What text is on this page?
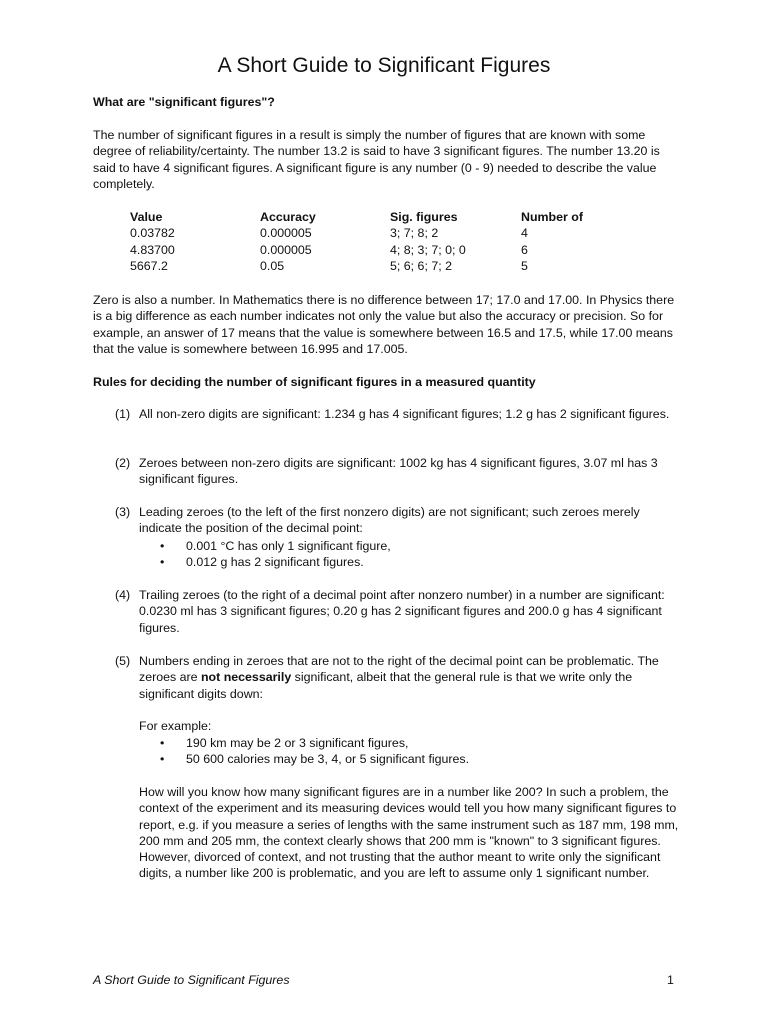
A Short Guide to Significant Figures
What are "significant figures"?
The number of significant figures in a result is simply the number of figures that are known with some degree of reliability/certainty. The number 13.2 is said to have 3 significant figures. The number 13.20 is said to have 4 significant figures. A significant figure is any number (0 - 9) needed to describe the value completely.
Value	Accuracy	Sig. figures	Number of
0.03782	0.000005	3; 7; 8; 2	4
4.83700	0.000005	4; 8; 3; 7; 0; 0	6
5667.2	0.05	5; 6; 6; 7; 2	5
Zero is also a number. In Mathematics there is no difference between 17; 17.0 and 17.00. In Physics there is a big difference as each number indicates not only the value but also the accuracy or precision. So for example, an answer of 17 means that the value is somewhere between 16.5 and 17.5, while 17.00 means that the value is somewhere between 16.995 and 17.005.
Rules for deciding the number of significant figures in a measured quantity
(1) All non-zero digits are significant: 1.234 g has 4 significant figures; 1.2 g has 2 significant figures.
(2) Zeroes between non-zero digits are significant: 1002 kg has 4 significant figures, 3.07 ml has 3 significant figures.
(3) Leading zeroes (to the left of the first nonzero digits) are not significant; such zeroes merely indicate the position of the decimal point:
• 0.001 °C has only 1 significant figure,
• 0.012 g has 2 significant figures.
(4) Trailing zeroes (to the right of a decimal point after nonzero number) in a number are significant: 0.0230 ml has 3 significant figures; 0.20 g has 2 significant figures and 200.0 g has 4 significant figures.
(5) Numbers ending in zeroes that are not to the right of the decimal point can be problematic. The zeroes are not necessarily significant, albeit that the general rule is that we write only the significant digits down:
For example:
• 190 km may be 2 or 3 significant figures,
• 50 600 calories may be 3, 4, or 5 significant figures.
How will you know how many significant figures are in a number like 200? In such a problem, the context of the experiment and its measuring devices would tell you how many significant figures to report, e.g. if you measure a series of lengths with the same instrument such as 187 mm, 198 mm, 200 mm and 205 mm, the context clearly shows that 200 mm is "known" to 3 significant figures. However, divorced of context, and not trusting that the author meant to write only the significant digits, a number like 200 is problematic, and you are left to assume only 1 significant number.
A Short Guide to Significant Figures	1
